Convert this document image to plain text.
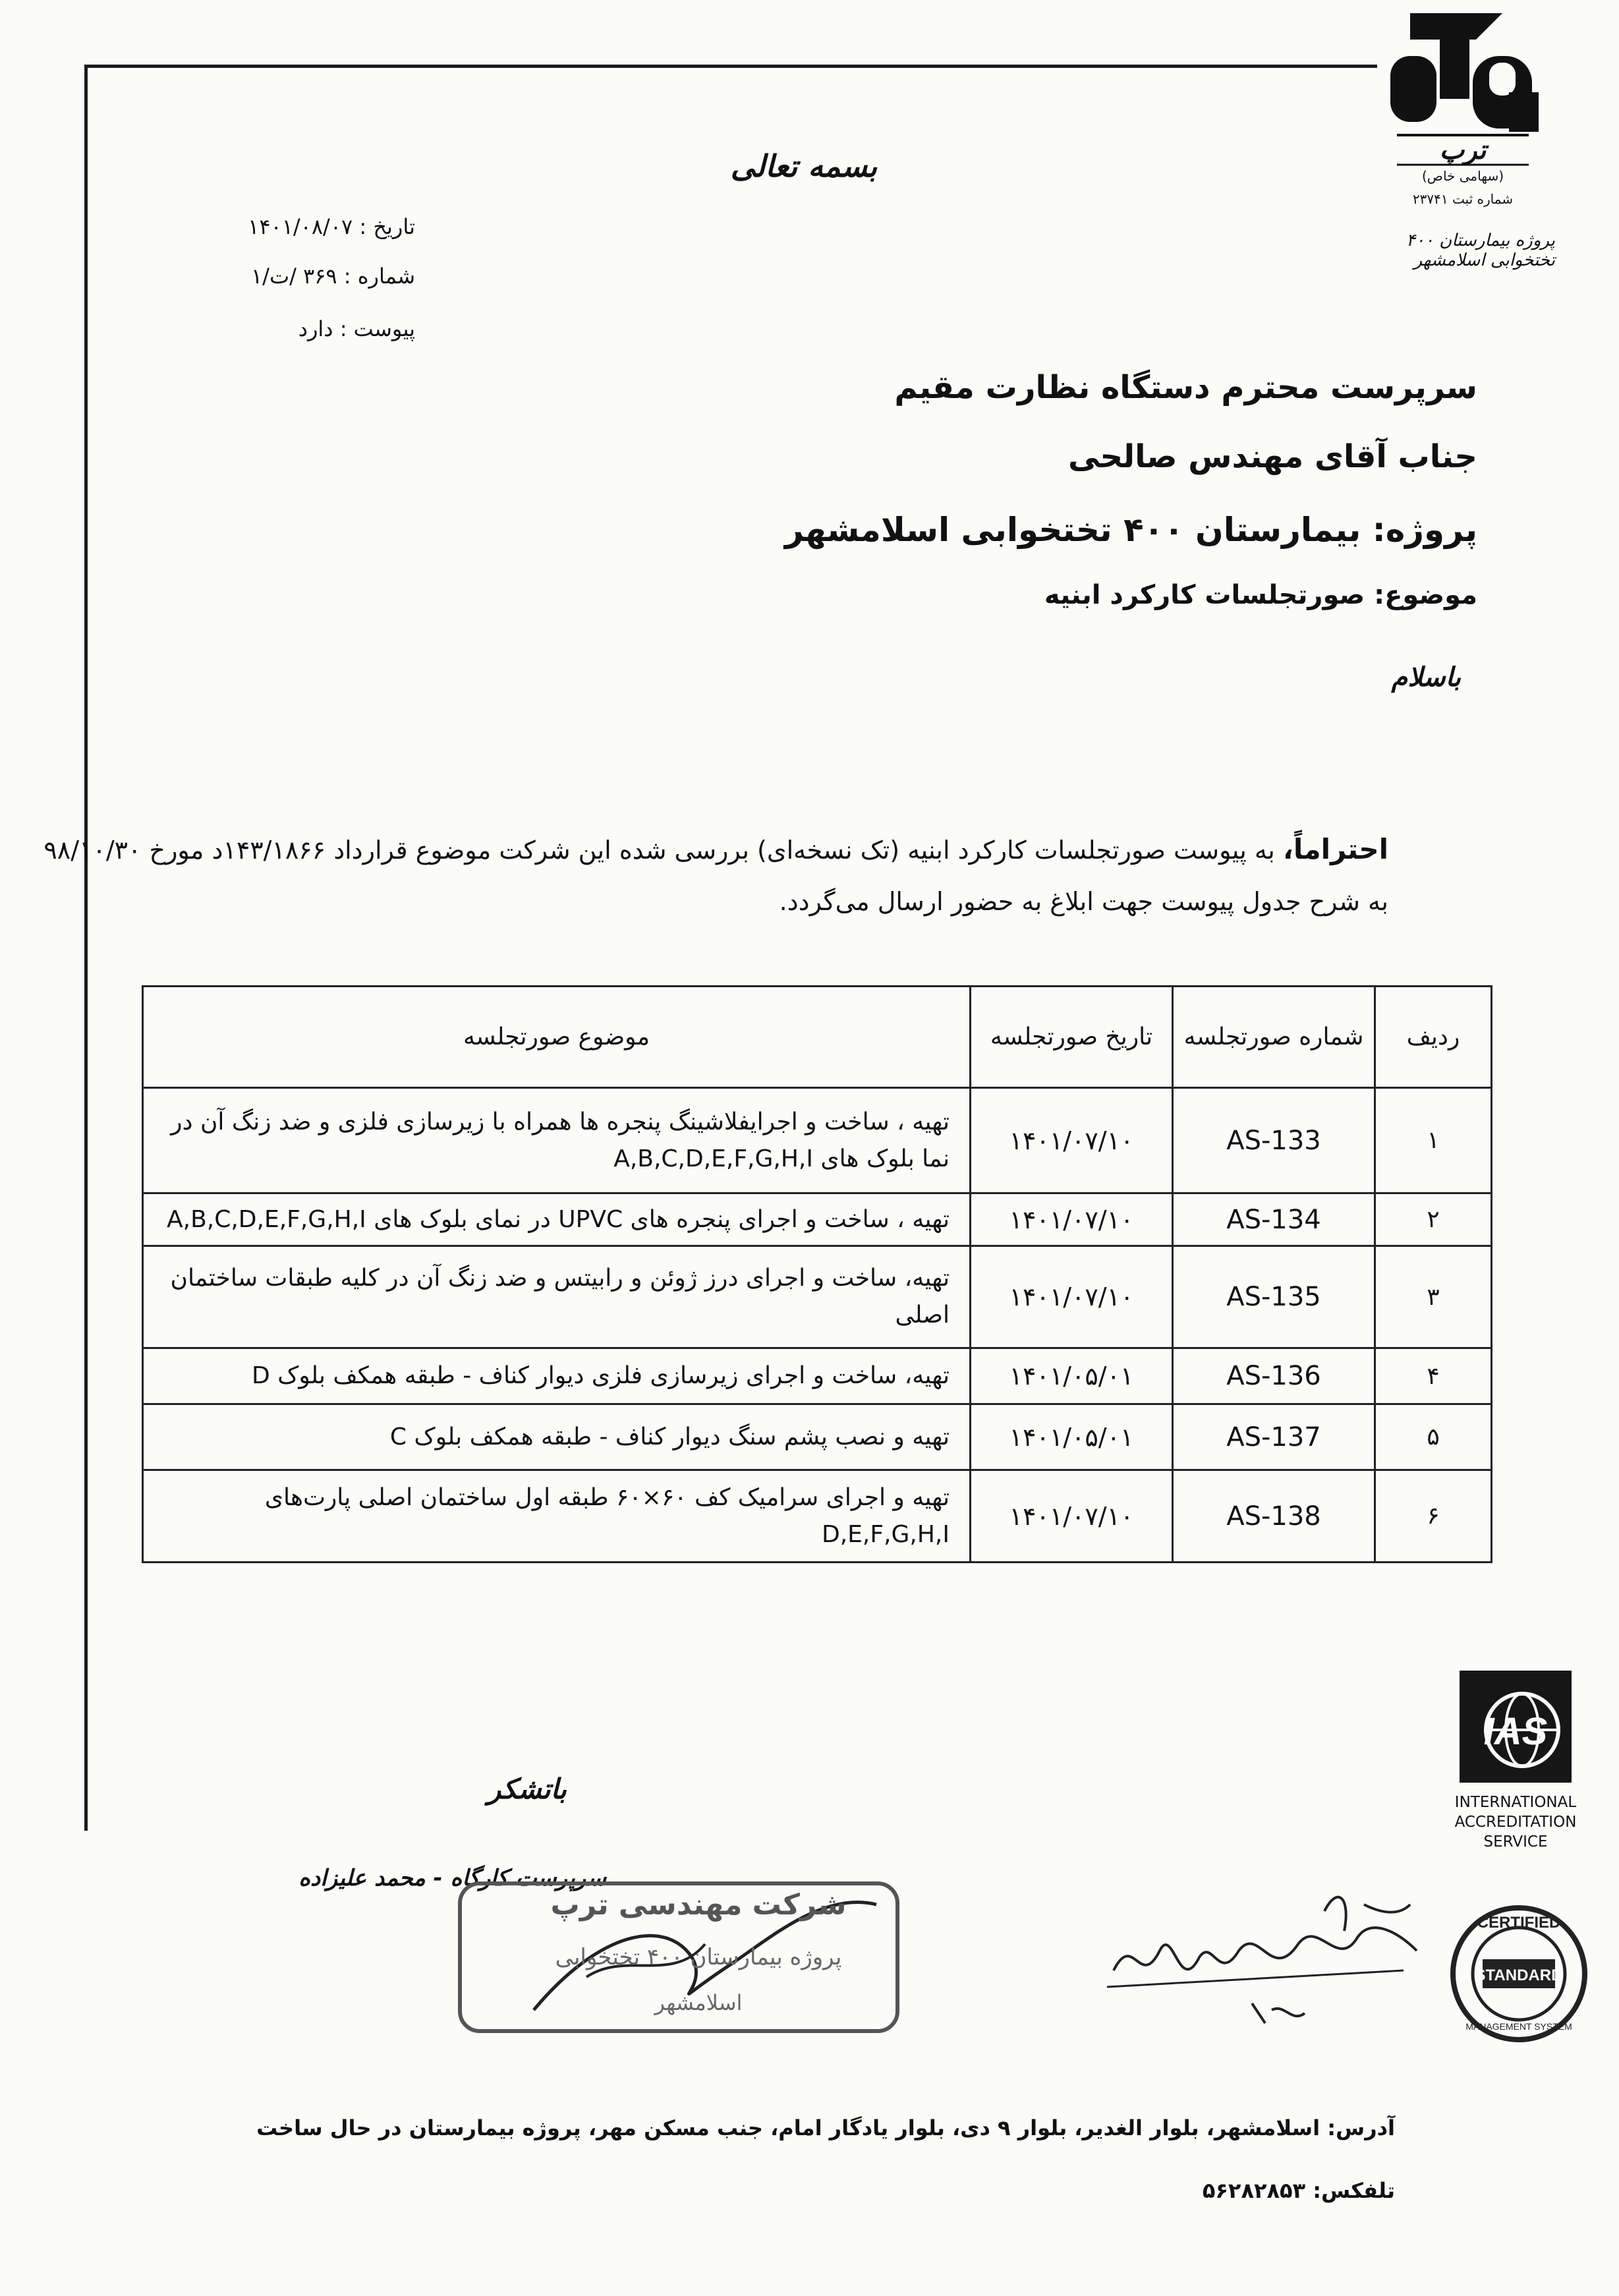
ترپ
(سهامی خاص)
شماره ثبت ۲۳۷۴۱
پروژه بیمارستان ۴۰۰ تختخوابی اسلامشهر
بسمه تعالی
تاریخ : ۱۴۰۱/۰۸/۰۷
شماره : ۳۶۹ /ت/۱
پیوست : دارد
سرپرست محترم دستگاه نظارت مقیم
جناب آقای مهندس صالحی
پروژه: بیمارستان ۴۰۰ تختخوابی اسلامشهر
موضوع: صورتجلسات کارکرد ابنیه
باسلام
احتراماً، به پیوست صورتجلسات کارکرد ابنیه (تک نسخه‌ای) بررسی شده این شرکت موضوع قرارداد ۱۴۳/۱۸۶۶د مورخ ۹۸/۱۰/۳۰ به شرح جدول پیوست جهت ابلاغ به حضور ارسال می‌گردد.
ردیف	شماره صورتجلسه	تاریخ صورتجلسه	موضوع صورتجلسه
۱	AS-133	۱۴۰۱/۰۷/۱۰	تهیه ، ساخت و اجرایفلاشینگ پنجره ها همراه با زیرسازی فلزی و ضد زنگ آن در نما بلوک های A,B,C,D,E,F,G,H,I
۲	AS-134	۱۴۰۱/۰۷/۱۰	تهیه ، ساخت و اجرای پنجره های UPVC در نمای بلوک های A,B,C,D,E,F,G,H,I
۳	AS-135	۱۴۰۱/۰۷/۱۰	تهیه، ساخت و اجرای درز ژوئن و رابیتس و ضد زنگ آن در کلیه طبقات ساختمان اصلی
۴	AS-136	۱۴۰۱/۰۵/۰۱	تهیه، ساخت و اجرای زیرسازی فلزی دیوار کناف - طبقه همکف بلوک D
۵	AS-137	۱۴۰۱/۰۵/۰۱	تهیه و نصب پشم سنگ دیوار کناف - طبقه همکف بلوک C
۶	AS-138	۱۴۰۱/۰۷/۱۰	تهیه و اجرای سرامیک کف ۶۰×۶۰ طبقه اول ساختمان اصلی پارت‌های D,E,F,G,H,I
IAS
INTERNATIONAL
ACCREDITATION
SERVICE
باتشکر
سرپرست کارگاه - محمد علیزاده
شرکت مهندسی ترپ
پروژه بیمارستان ۴۰۰ تختخوابی
اسلامشهر
CERTIFIED
STANDARD
MANAGEMENT SYSTEM
آدرس: اسلامشهر، بلوار الغدیر، بلوار ۹ دی، بلوار یادگار امام، جنب مسکن مهر، پروژه بیمارستان در حال ساخت
تلفکس: ۵۶۲۸۲۸۵۳
